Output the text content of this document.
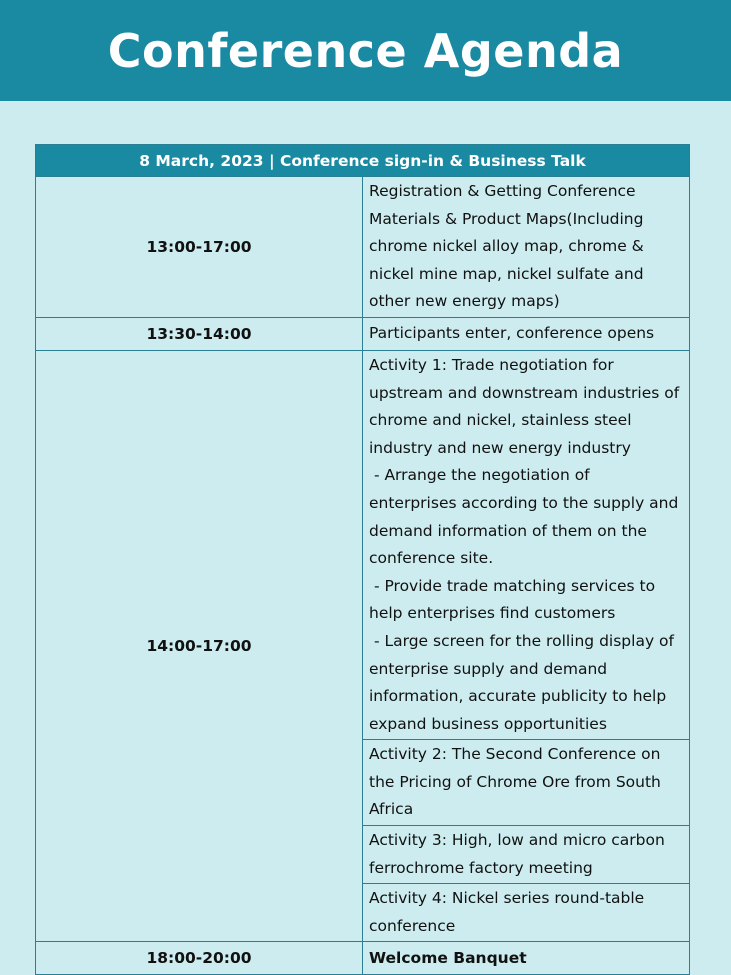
Conference Agenda
8 March, 2023 | Conference sign-in & Business Talk	
13:00-17:00	Registration & Getting Conference Materials & Product Maps(Including chrome nickel alloy map, chrome & nickel mine map, nickel sulfate and other new energy maps)
13:30-14:00	Participants enter, conference opens
14:00-17:00	Activity 1: Trade negotiation for upstream and downstream industries of chrome and nickel, stainless steel industry and new energy industry
- Arrange the negotiation of enterprises according to the supply and demand information of them on the conference site.
- Provide trade matching services to help enterprises find customers
- Large screen for the rolling display of enterprise supply and demand information, accurate publicity to help expand business opportunities

	Activity 2: The Second Conference on the Pricing of Chrome Ore from South Africa
	Activity 3: High, low and micro carbon ferrochrome factory meeting
	Activity 4: Nickel series round-table conference
18:00-20:00	Welcome Banquet
